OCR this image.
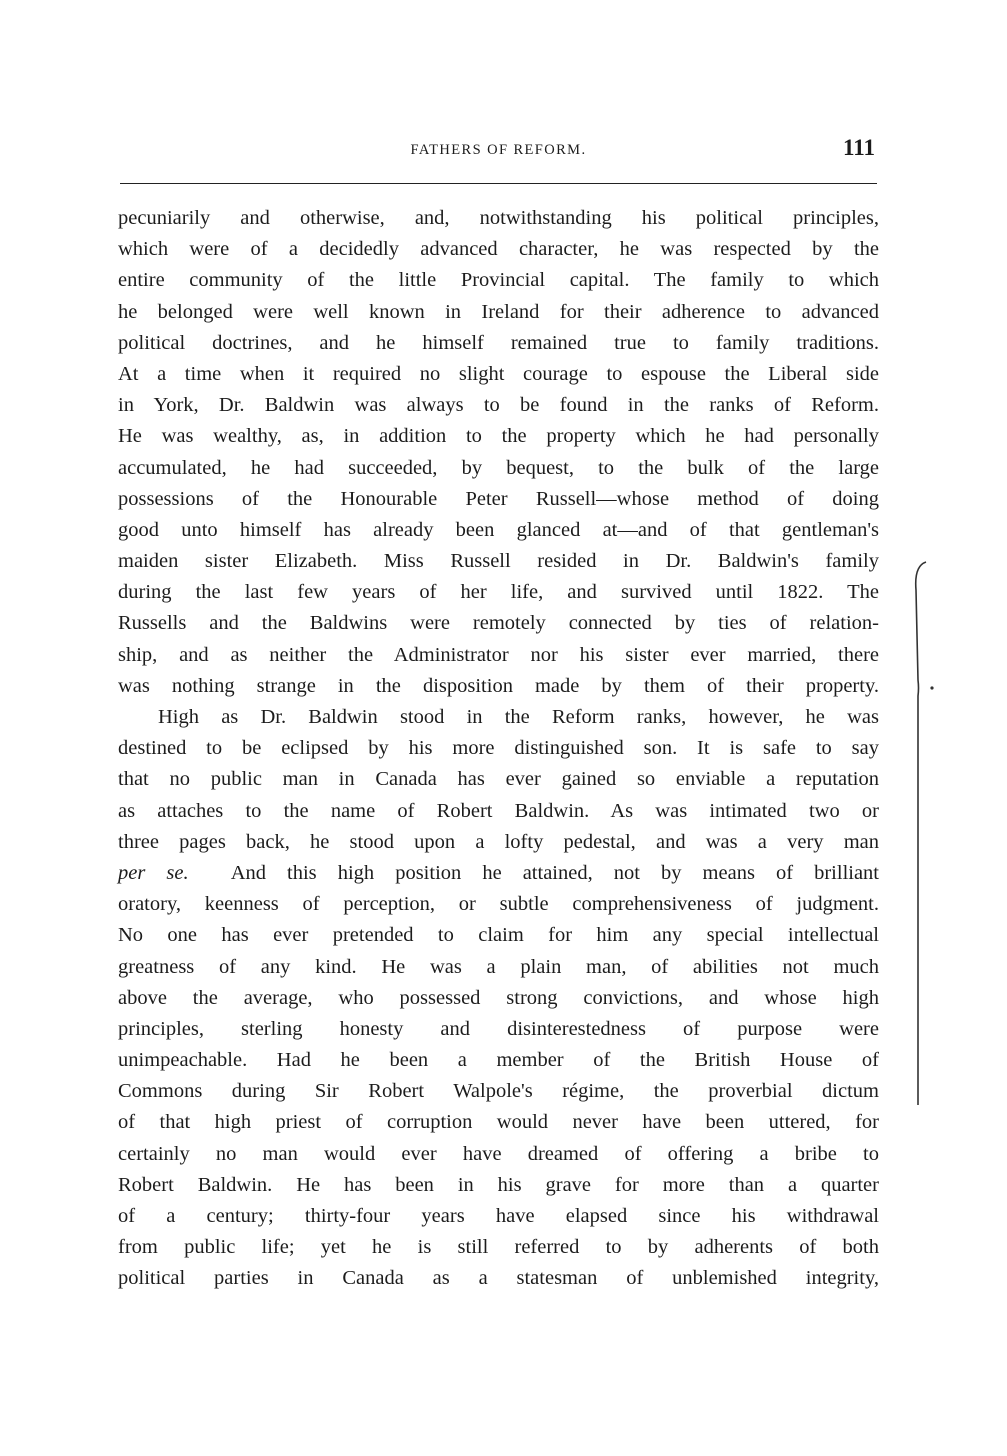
FATHERS OF REFORM.	111
pecuniarily and otherwise, and, notwithstanding his political principles,
which were of a decidedly advanced character, he was respected by the
entire community of the little Provincial capital. The family to which
he belonged were well known in Ireland for their adherence to advanced
political doctrines, and he himself remained true to family traditions.
At a time when it required no slight courage to espouse the Liberal side
in York, Dr. Baldwin was always to be found in the ranks of Reform.
He was wealthy, as, in addition to the property which he had personally
accumulated, he had succeeded, by bequest, to the bulk of the large
possessions of the Honourable Peter Russell—whose method of doing
good unto himself has already been glanced at—and of that gentleman's
maiden sister Elizabeth. Miss Russell resided in Dr. Baldwin's family
during the last few years of her life, and survived until 1822. The
Russells and the Baldwins were remotely connected by ties of relation-
ship, and as neither the Administrator nor his sister ever married, there
was nothing strange in the disposition made by them of their property.
High as Dr. Baldwin stood in the Reform ranks, however, he was
destined to be eclipsed by his more distinguished son. It is safe to say
that no public man in Canada has ever gained so enviable a reputation
as attaches to the name of Robert Baldwin. As was intimated two or
three pages back, he stood upon a lofty pedestal, and was a very man
per se. And this high position he attained, not by means of brilliant
oratory, keenness of perception, or subtle comprehensiveness of judgment.
No one has ever pretended to claim for him any special intellectual
greatness of any kind. He was a plain man, of abilities not much
above the average, who possessed strong convictions, and whose high
principles, sterling honesty and disinterestedness of purpose were
unimpeachable. Had he been a member of the British House of
Commons during Sir Robert Walpole's régime, the proverbial dictum
of that high priest of corruption would never have been uttered, for
certainly no man would ever have dreamed of offering a bribe to
Robert Baldwin. He has been in his grave for more than a quarter
of a century; thirty-four years have elapsed since his withdrawal
from public life; yet he is still referred to by adherents of both
political parties in Canada as a statesman of unblemished integrity,
